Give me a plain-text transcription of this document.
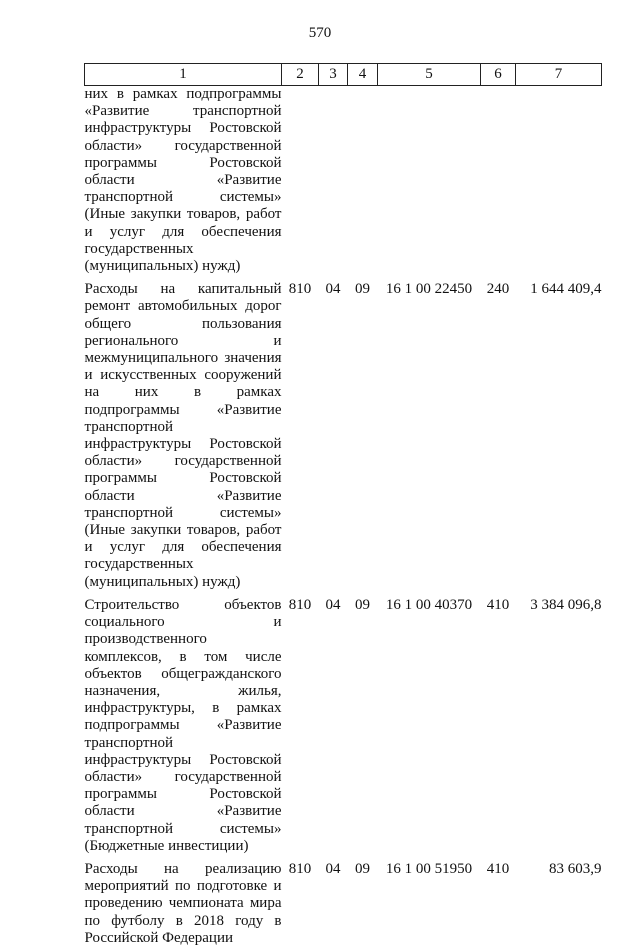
570
1	2	3	4	5	6	7
них в рамках подпрограммы «Развитие транспортной инфраструктуры Ростовской области» государственной программы Ростовской области «Развитие транспортной системы» (Иные закупки товаров, работ и услуг для обеспечения государственных (муниципальных) нужд)						
Расходы на капитальный ремонт автомобильных дорог общего пользования регионального и межмуниципального значения и искусственных сооружений на них в рамках подпрограммы «Развитие транспортной инфраструктуры Ростовской области» государственной программы Ростовской области «Развитие транспортной системы» (Иные закупки товаров, работ и услуг для обеспечения государственных (муниципальных) нужд)	810	04	09	16 1 00 22450	240	1 644 409,4
Строительство объектов социального и производственного комплексов, в том числе объектов общегражданского назначения, жилья, инфраструктуры, в рамках подпрограммы «Развитие транспортной инфраструктуры Ростовской области» государственной программы Ростовской области «Развитие транспортной системы» (Бюджетные инвестиции)	810	04	09	16 1 00 40370	410	3 384 096,8
Расходы на реализацию мероприятий по подготовке и проведению чемпионата мира по футболу в 2018 году в Российской Федерации	810	04	09	16 1 00 51950	410	83 603,9
